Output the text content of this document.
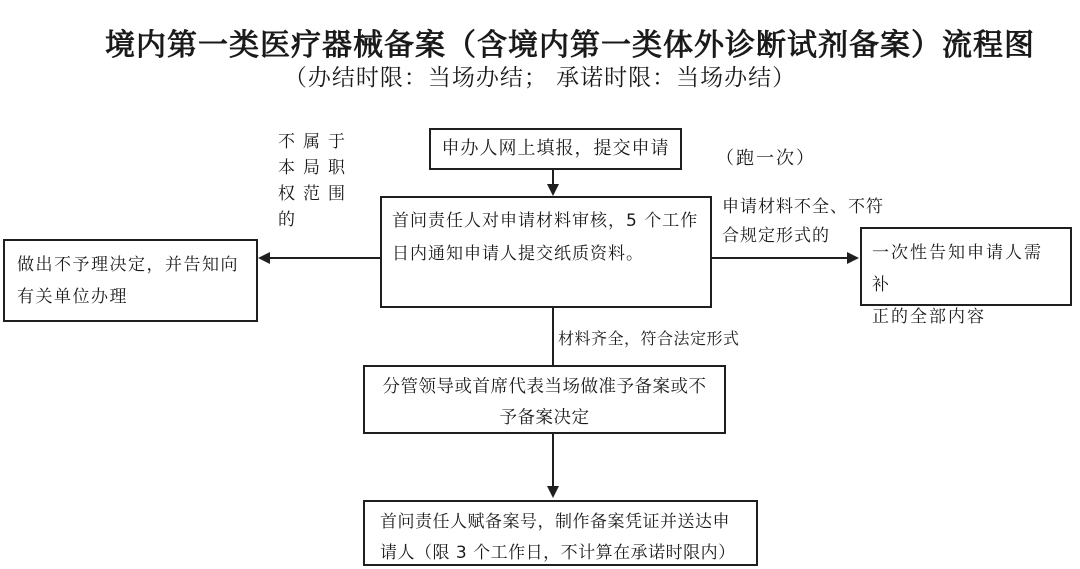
境内第一类医疗器械备案（含境内第一类体外诊断试剂备案）流程图
（办结时限：当场办结； 承诺时限：当场办结）
不属于
本局职
权范围
的
（跑一次）
申请材料不全、不符
合规定形式的
材料齐全，符合法定形式
申办人网上填报，提交申请
首问责任人对申请材料审核，5 个工作
日内通知申请人提交纸质资料。
做出不予理决定，并告知向
有关单位办理
一次性告知申请人需补
正的全部内容
分管领导或首席代表当场做准予备案或不
予备案决定
首问责任人赋备案号，制作备案凭证并送达申
请人（限 3 个工作日，不计算在承诺时限内）
